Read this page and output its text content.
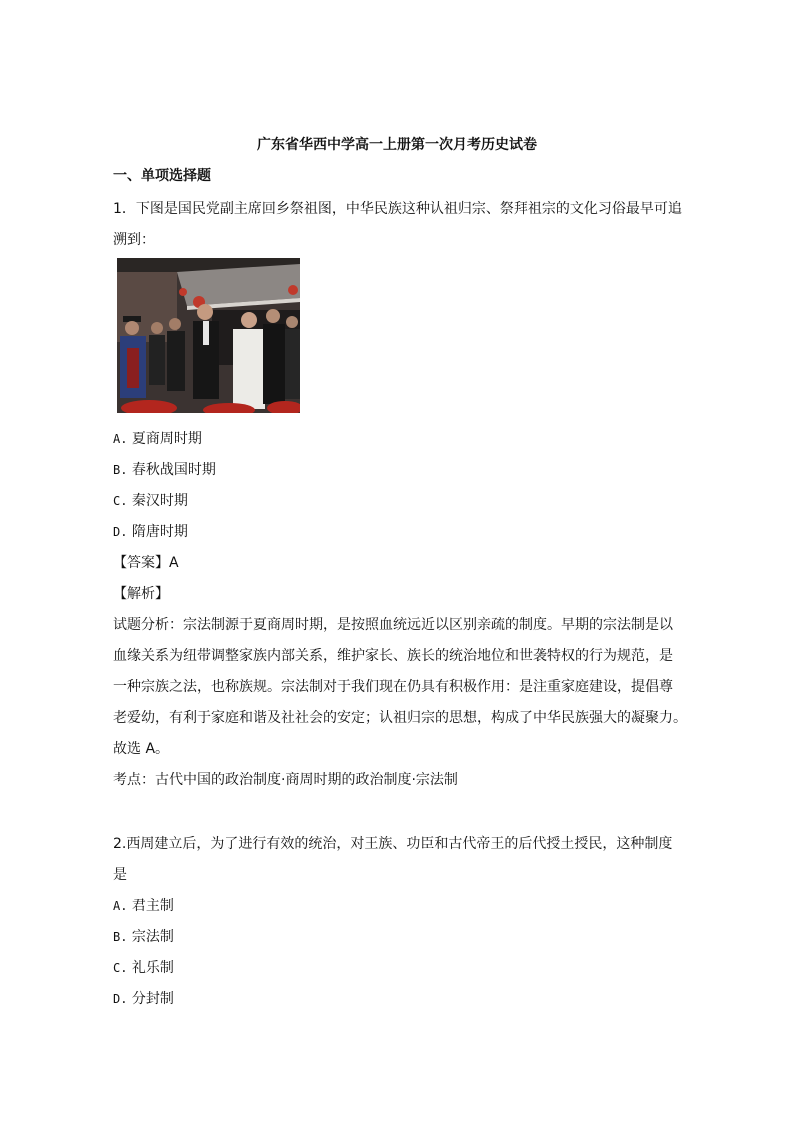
广东省华西中学高一上册第一次月考历史试卷
一、单项选择题
1．下图是国民党副主席回乡祭祖图，中华民族这种认祖归宗、祭拜祖宗的文化习俗最早可追
溯到：
A. 夏商周时期
B. 春秋战国时期
C. 秦汉时期
D. 隋唐时期
【答案】A
【解析】
试题分析：宗法制源于夏商周时期，是按照血统远近以区别亲疏的制度。早期的宗法制是以
血缘关系为纽带调整家族内部关系，维护家长、族长的统治地位和世袭特权的行为规范，是
一种宗族之法，也称族规。宗法制对于我们现在仍具有积极作用：是注重家庭建设，提倡尊
老爱幼，有利于家庭和谐及社社会的安定；认祖归宗的思想，构成了中华民族强大的凝聚力。
故选 A。
考点：古代中国的政治制度·商周时期的政治制度·宗法制
2.西周建立后，为了进行有效的统治，对王族、功臣和古代帝王的后代授土授民，这种制度
是
A. 君主制
B. 宗法制
C. 礼乐制
D. 分封制
